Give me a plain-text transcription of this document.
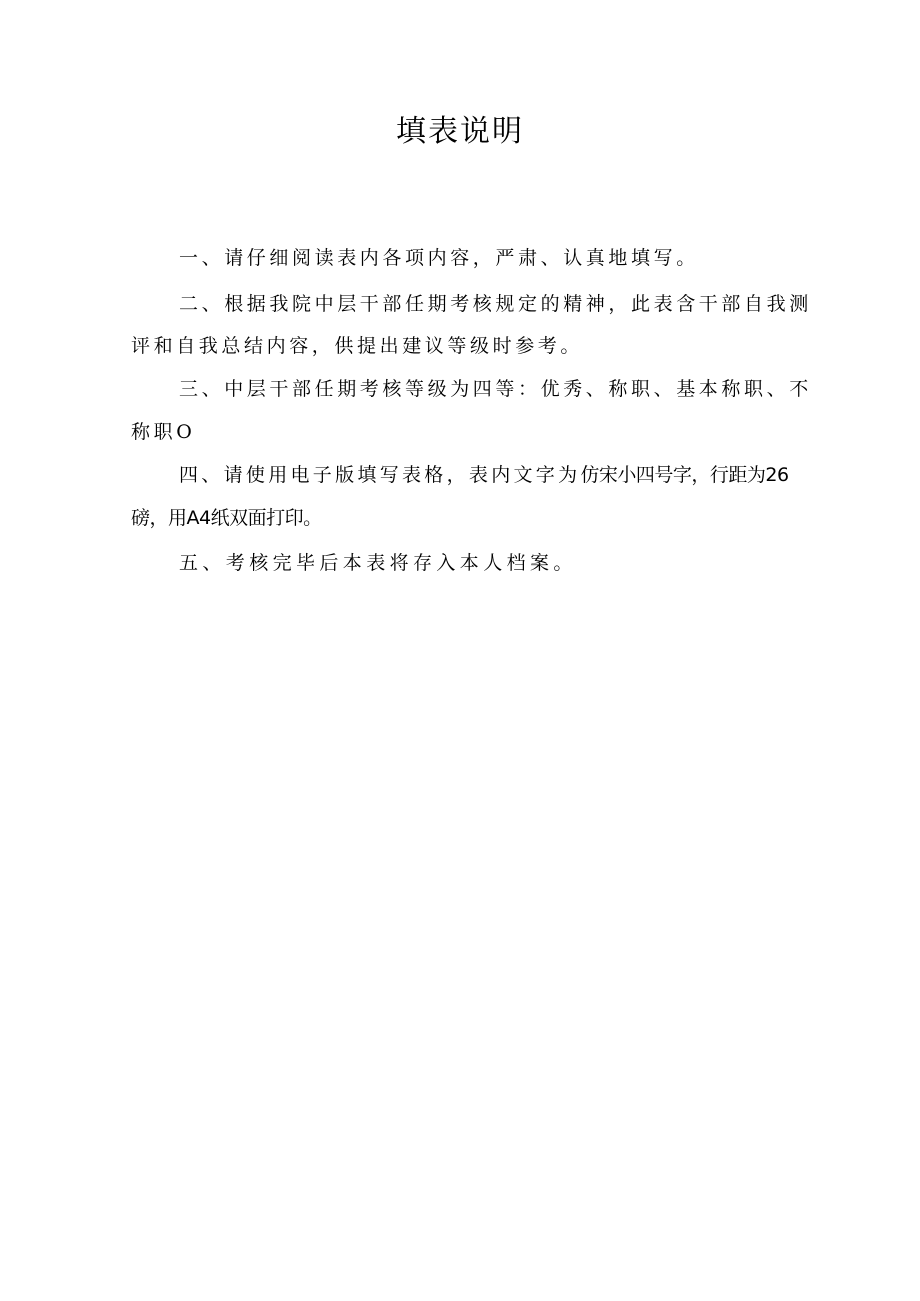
填表说明
一、请仔细阅读表内各项内容，严肃、认真地填写。
二、根据我院中层干部任期考核规定的精神，此表含干部自我测
评和自我总结内容，供提出建议等级时参考。
三、中层干部任期考核等级为四等：优秀、称职、基本称职、不
称职O
四、请使用电子版填写表格，表内文字为仿宋小四号字，行距为26
磅，用A4纸双面打印。
五、考核完毕后本表将存入本人档案。
